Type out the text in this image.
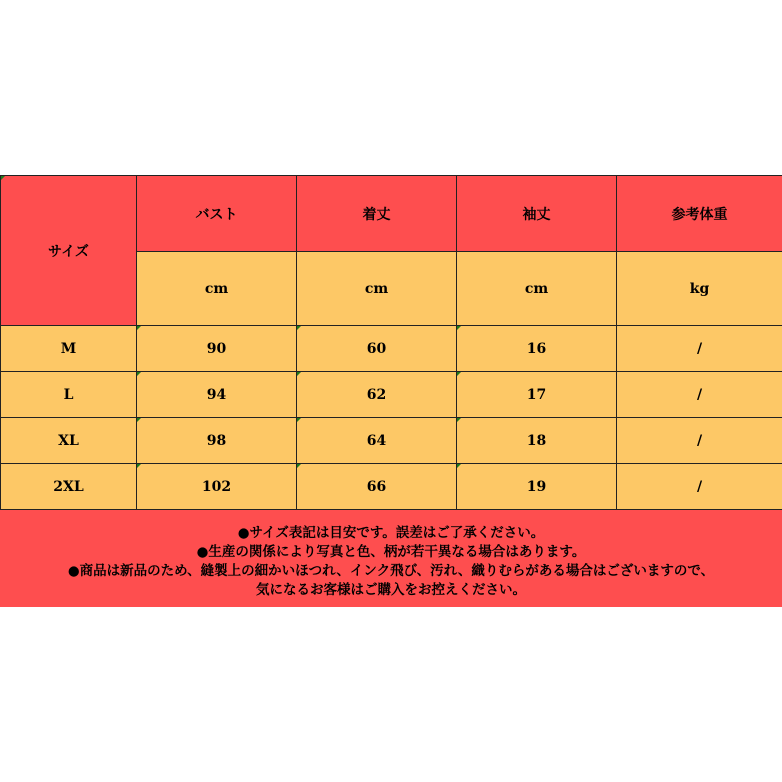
サイズ	バスト	着丈	袖丈	参考体重
	cm	cm	cm	kg
M	90	60	16	/
L	94	62	17	/
XL	98	64	18	/
2XL	102	66	19	/
●サイズ表記は目安です。誤差はご了承ください。
●生産の関係により写真と色、柄が若干異なる場合はあります。
●商品は新品のため、縫製上の細かいほつれ、インク飛び、汚れ、織りむらがある場合はございますので、
気になるお客様はご購入をお控えください。
